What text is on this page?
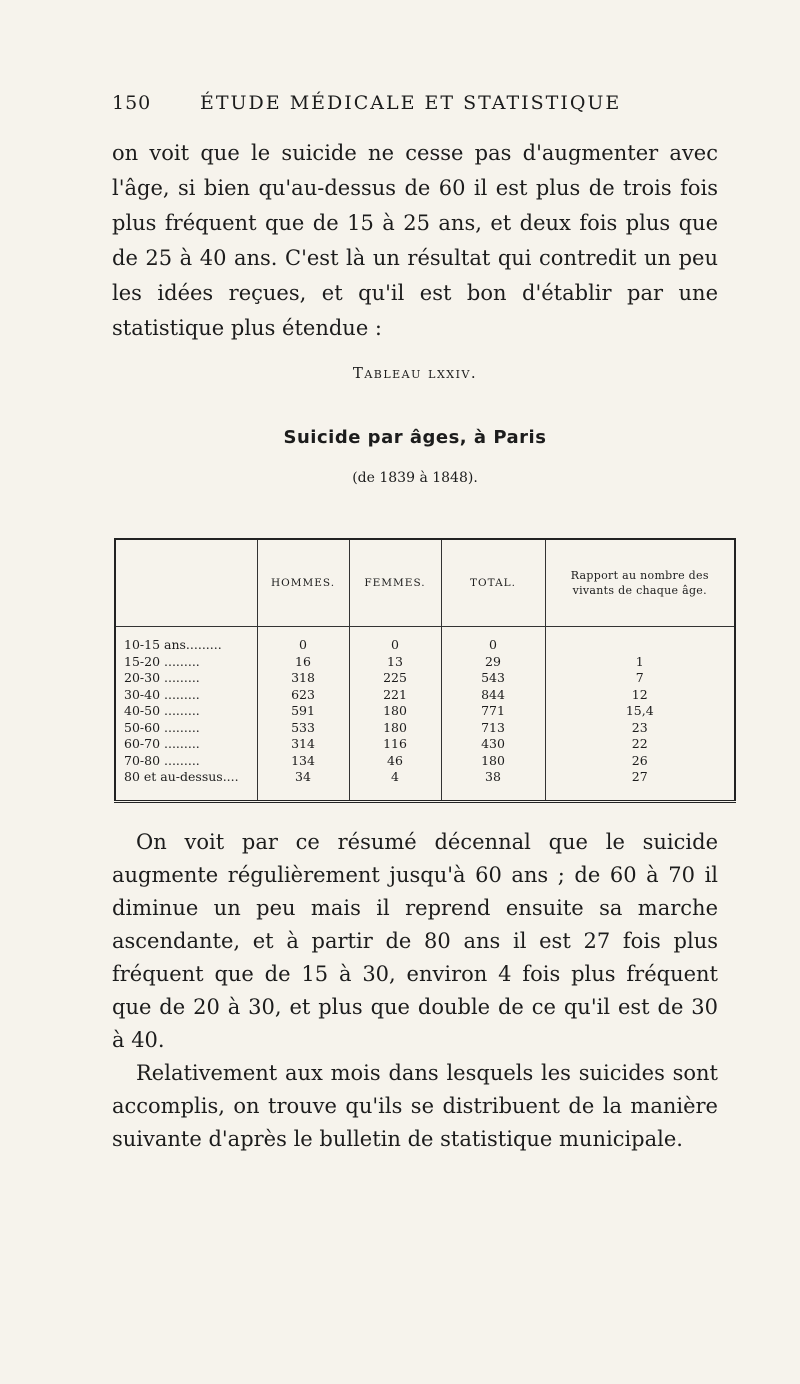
150	ÉTUDE MÉDICALE ET STATISTIQUE
on voit que le suicide ne cesse pas d'augmenter avec l'âge, si bien qu'au-dessus de 60 il est plus de trois fois plus fréquent que de 15 à 25 ans, et deux fois plus que de 25 à 40 ans. C'est là un résultat qui contredit un peu les idées reçues, et qu'il est bon d'établir par une statistique plus étendue :
Tableau lxxiv.
Suicide par âges, à Paris
(de 1839 à 1848).
	HOMMES.	FEMMES.	TOTAL.	Rapport au nombre des vivants de chaque âge.
10-15 ans.........	0	0	0	
15-20 .........	16	13	29	1
20-30 .........	318	225	543	7
30-40 .........	623	221	844	12
40-50 .........	591	180	771	15,4
50-60 .........	533	180	713	23
60-70 .........	314	116	430	22
70-80 .........	134	46	180	26
80 et au-dessus....	34	4	38	27

On voit par ce résumé décennal que le suicide augmente régulièrement jusqu'à 60 ans ; de 60 à 70 il diminue un peu mais il reprend ensuite sa marche ascendante, et à partir de 80 ans il est 27 fois plus fréquent que de 15 à 30, environ 4 fois plus fréquent que de 20 à 30, et plus que double de ce qu'il est de 30 à 40.

Relativement aux mois dans lesquels les suicides sont accomplis, on trouve qu'ils se distribuent de la manière suivante d'après le bulletin de statistique municipale.
